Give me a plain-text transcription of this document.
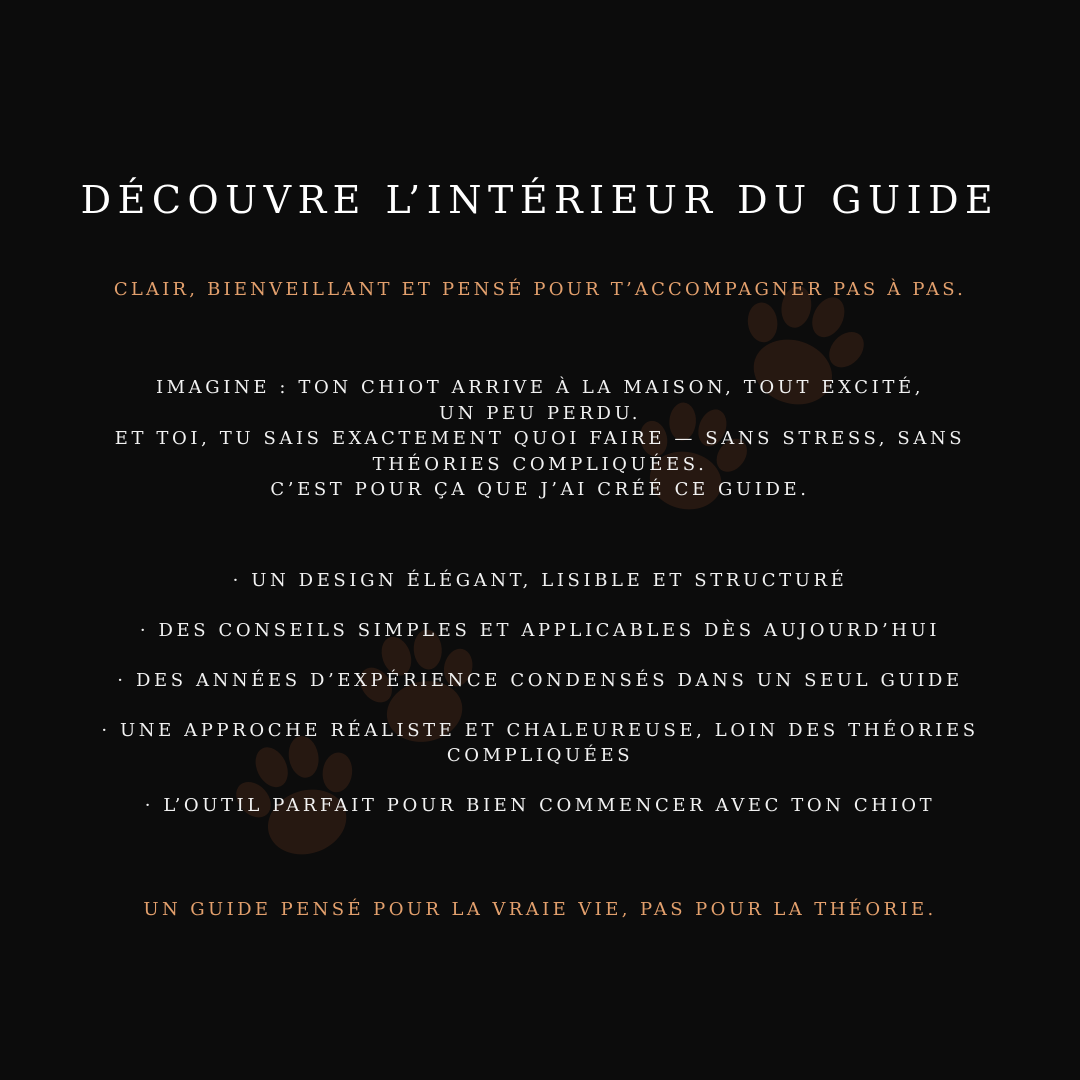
DÉCOUVRE L’INTÉRIEUR DU GUIDE

CLAIR, BIENVEILLANT ET PENSÉ POUR T’ACCOMPAGNER PAS À PAS.

IMAGINE : TON CHIOT ARRIVE À LA MAISON, TOUT EXCITÉ,
UN PEU PERDU.
ET TOI, TU SAIS EXACTEMENT QUOI FAIRE — SANS STRESS, SANS
THÉORIES COMPLIQUÉES.
C’EST POUR ÇA QUE J’AI CRÉÉ CE GUIDE.
· UN DESIGN ÉLÉGANT, LISIBLE ET STRUCTURÉ
· DES CONSEILS SIMPLES ET APPLICABLES DÈS AUJOURD’HUI
· DES ANNÉES D’EXPÉRIENCE CONDENSÉS DANS UN SEUL GUIDE
· UNE APPROCHE RÉALISTE ET CHALEUREUSE, LOIN DES THÉORIES COMPLIQUÉES
· L’OUTIL PARFAIT POUR BIEN COMMENCER AVEC TON CHIOT

UN GUIDE PENSÉ POUR LA VRAIE VIE, PAS POUR LA THÉORIE.
